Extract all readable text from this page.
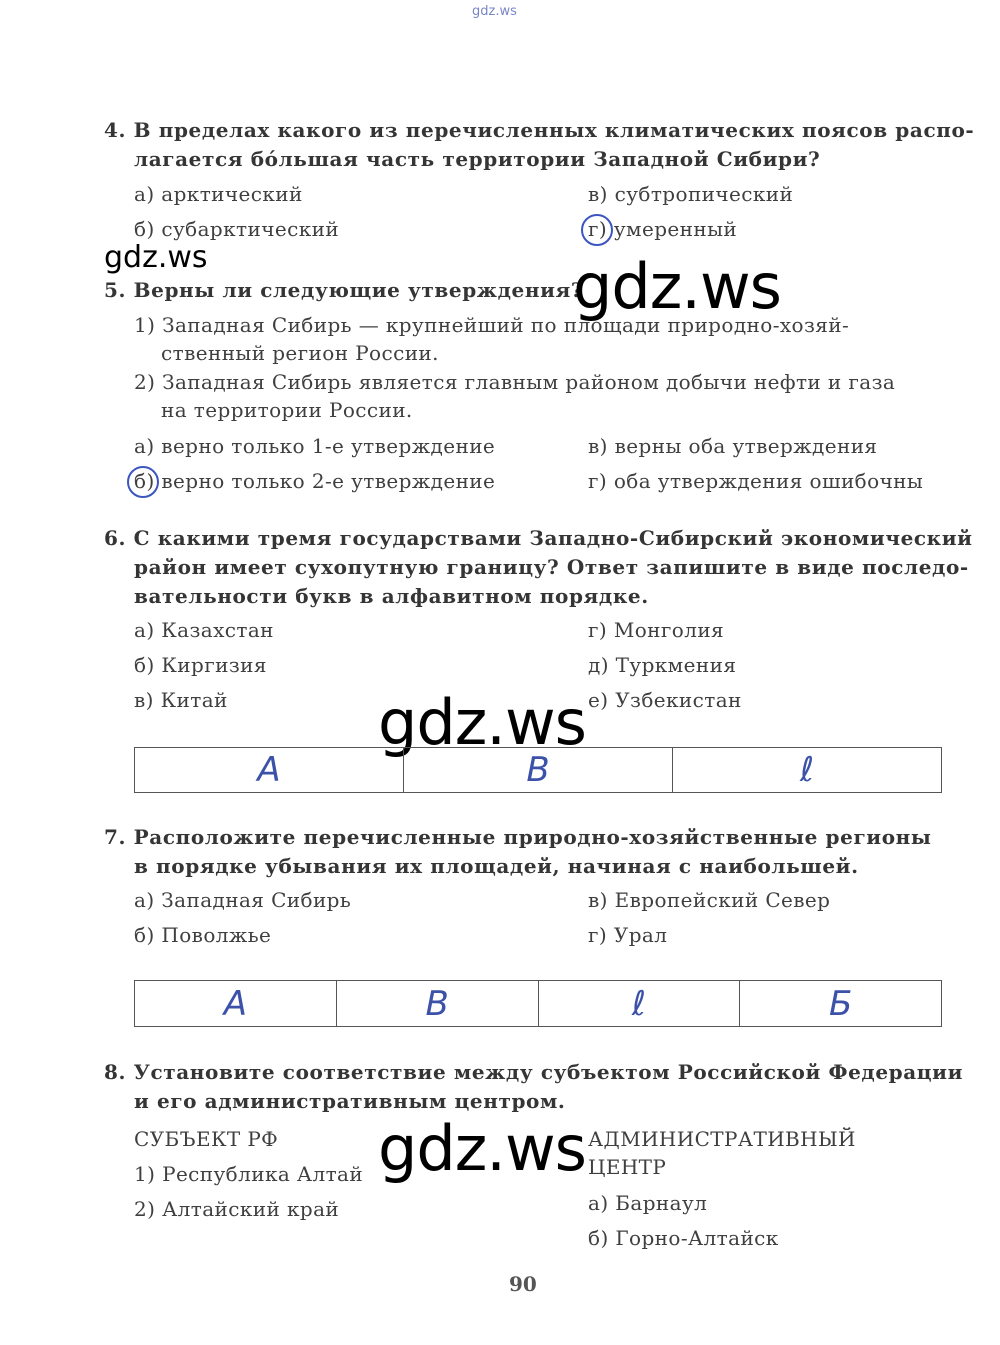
gdz.ws
4. В пределах какого из перечисленных климатических поясов распо-
лагается бóльшая часть территории Западной Сибири?
а) арктический
б) субарктический
в) субтропический
г) умеренный
gdz.ws
5. Верны ли следующие утверждения?
gdz.ws
1) Западная Сибирь — крупнейший по площади природно-хозяй-
ственный регион России.
2) Западная Сибирь является главным районом добычи нефти и газа
на территории России.
а) верно только 1-е утверждение
б) верно только 2-е утверждение
в) верны оба утверждения
г) оба утверждения ошибочны
6. С какими тремя государствами Западно-Сибирский экономический
район имеет сухопутную границу? Ответ запишите в виде последо-
вательности букв в алфавитном порядке.
а) Казахстан
б) Киргизия
в) Китай
г) Монголия
д) Туркмения
е) Узбекистан
gdz.ws
A	B	ℓ
7. Расположите перечисленные природно-хозяйственные регионы
в порядке убывания их площадей, начиная с наибольшей.
а) Западная Сибирь
б) Поволжье
в) Европейский Север
г) Урал
A	B	ℓ	Б
8. Установите соответствие между субъектом Российской Федерации
и его административным центром.
СУБЪЕКТ РФ
1) Республика Алтай
2) Алтайский край
АДМИНИСТРАТИВНЫЙ
ЦЕНТР
а) Барнаул
б) Горно-Алтайск
gdz.ws
90
